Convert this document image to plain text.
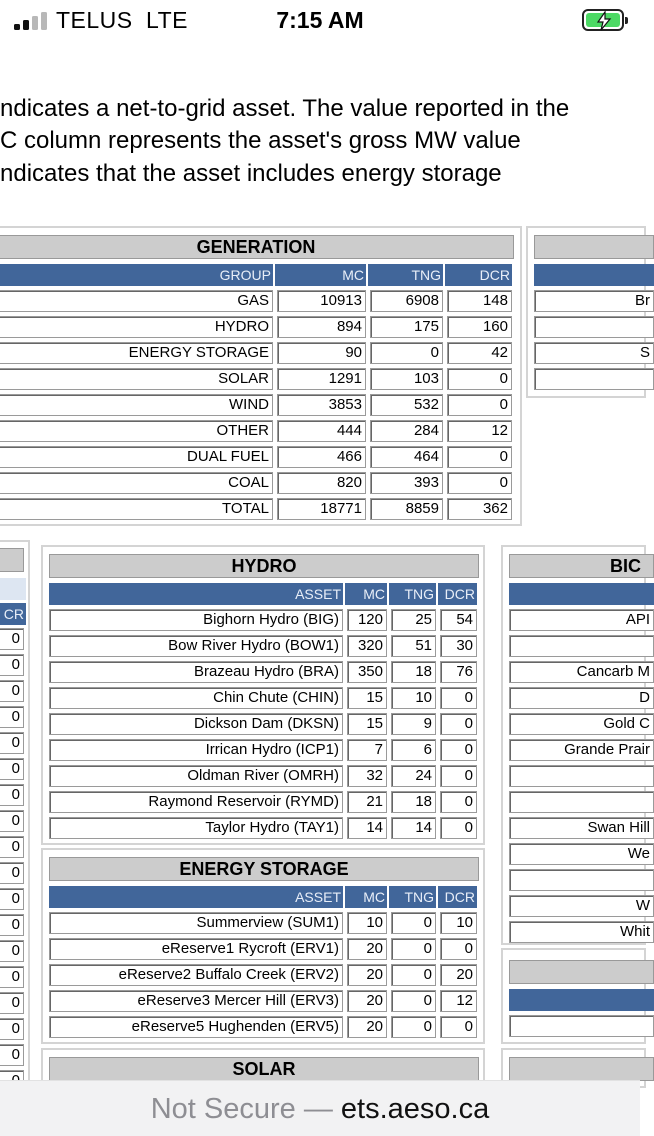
TELUS LTE	7:15 AM
ndicates a net-to-grid asset. The value reported in the
C column represents the asset's gross MW value
ndicates that the asset includes energy storage
GENERATION
GROUP	MC	TNG	DCR
GAS	10913	6908	148
HYDRO	894	175	160
ENERGY STORAGE	90	0	42
SOLAR	1291	103	0
WIND	3853	532	0
OTHER	444	284	12
DUAL FUEL	466	464	0
COAL	820	393	0
TOTAL	18771	8859	362
Br
S
CR
0
0
0
0
0
0
0
0
0
0
0
0
0
0
0
0
0
HYDRO
ASSET	MC	TNG DCR
Bighorn Hydro (BIG)	120	25	54
Bow River Hydro (BOW1)	320	51	30
Brazeau Hydro (BRA)	350	18	76
Chin Chute (CHIN)	15	10	0
Dickson Dam (DKSN)	15	9	0
Irrican Hydro (ICP1)	7	6	0
Oldman River (OMRH)	32	24	0
Raymond Reservoir (RYMD)	21	18	0
Taylor Hydro (TAY1)	14	14	0
ENERGY STORAGE
ASSET	MC	TNG DCR
Summerview (SUM1)	10	0	10
eReserve1 Rycroft (ERV1)	20	0	0
eReserve2 Buffalo Creek (ERV2)	20	0	20
eReserve3 Mercer Hill (ERV3)	20	0	12
eReserve5 Hughenden (ERV5)	20	0	0
SOLAR
BIC
API
Cancarb M
D
Gold C
Grande Prair
Swan Hill
We
W
Whit
Not Secure — ets.aeso.ca
